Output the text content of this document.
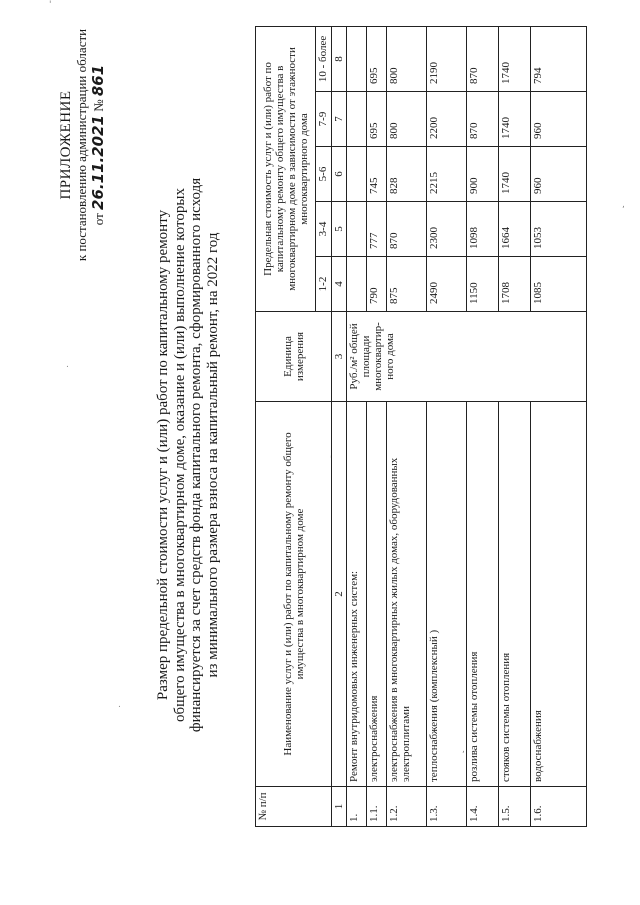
'
.
.
'
,
,
ПРИЛОЖЕНИЕ к постановлению администрации области от 26.11.2021 № 861
Размер предельной стоимости услуг и (или) работ по капитальному ремонту общего имущества в многоквартирном доме, оказание и (или) выполнение которых финансируется за счет средств фонда капитального ремонта, сформированного исходя из минимального размера взноса на капитальный ремонт, на 2022 год
№ п/п	Наименование услуг и (или) работ по капитальному ремонту общего имущества в многоквартирном доме	Единица измерения	Предельная стоимость услуг и (или) работ по капитальному ремонту общего имущества в многоквартирном доме в зависимости от этажности многоквартирного дома				
			1-2	3-4	5-6	7-9	10 - более
1	2	3	4	5	6	7	8
1.	Ремонт внутридомовых инженерных систем:	Руб./м² общей площади многоквартир-ного дома					
1.1.	электроснабжения		790	777	745	695	695
1.2.	электроснабжения в многоквартирных жилых домах, оборудованных электроплитами		875	870	828	800	800
1.3.	теплоснабжения (комплексный )		2490	2300	2215	2200	2190
1.4.	розлива системы отопления		1150	1098	900	870	870
1.5.	стояков системы отопления		1708	1664	1740	1740	1740
1.6.	водоснабжения		1085	1053	960	960	794
